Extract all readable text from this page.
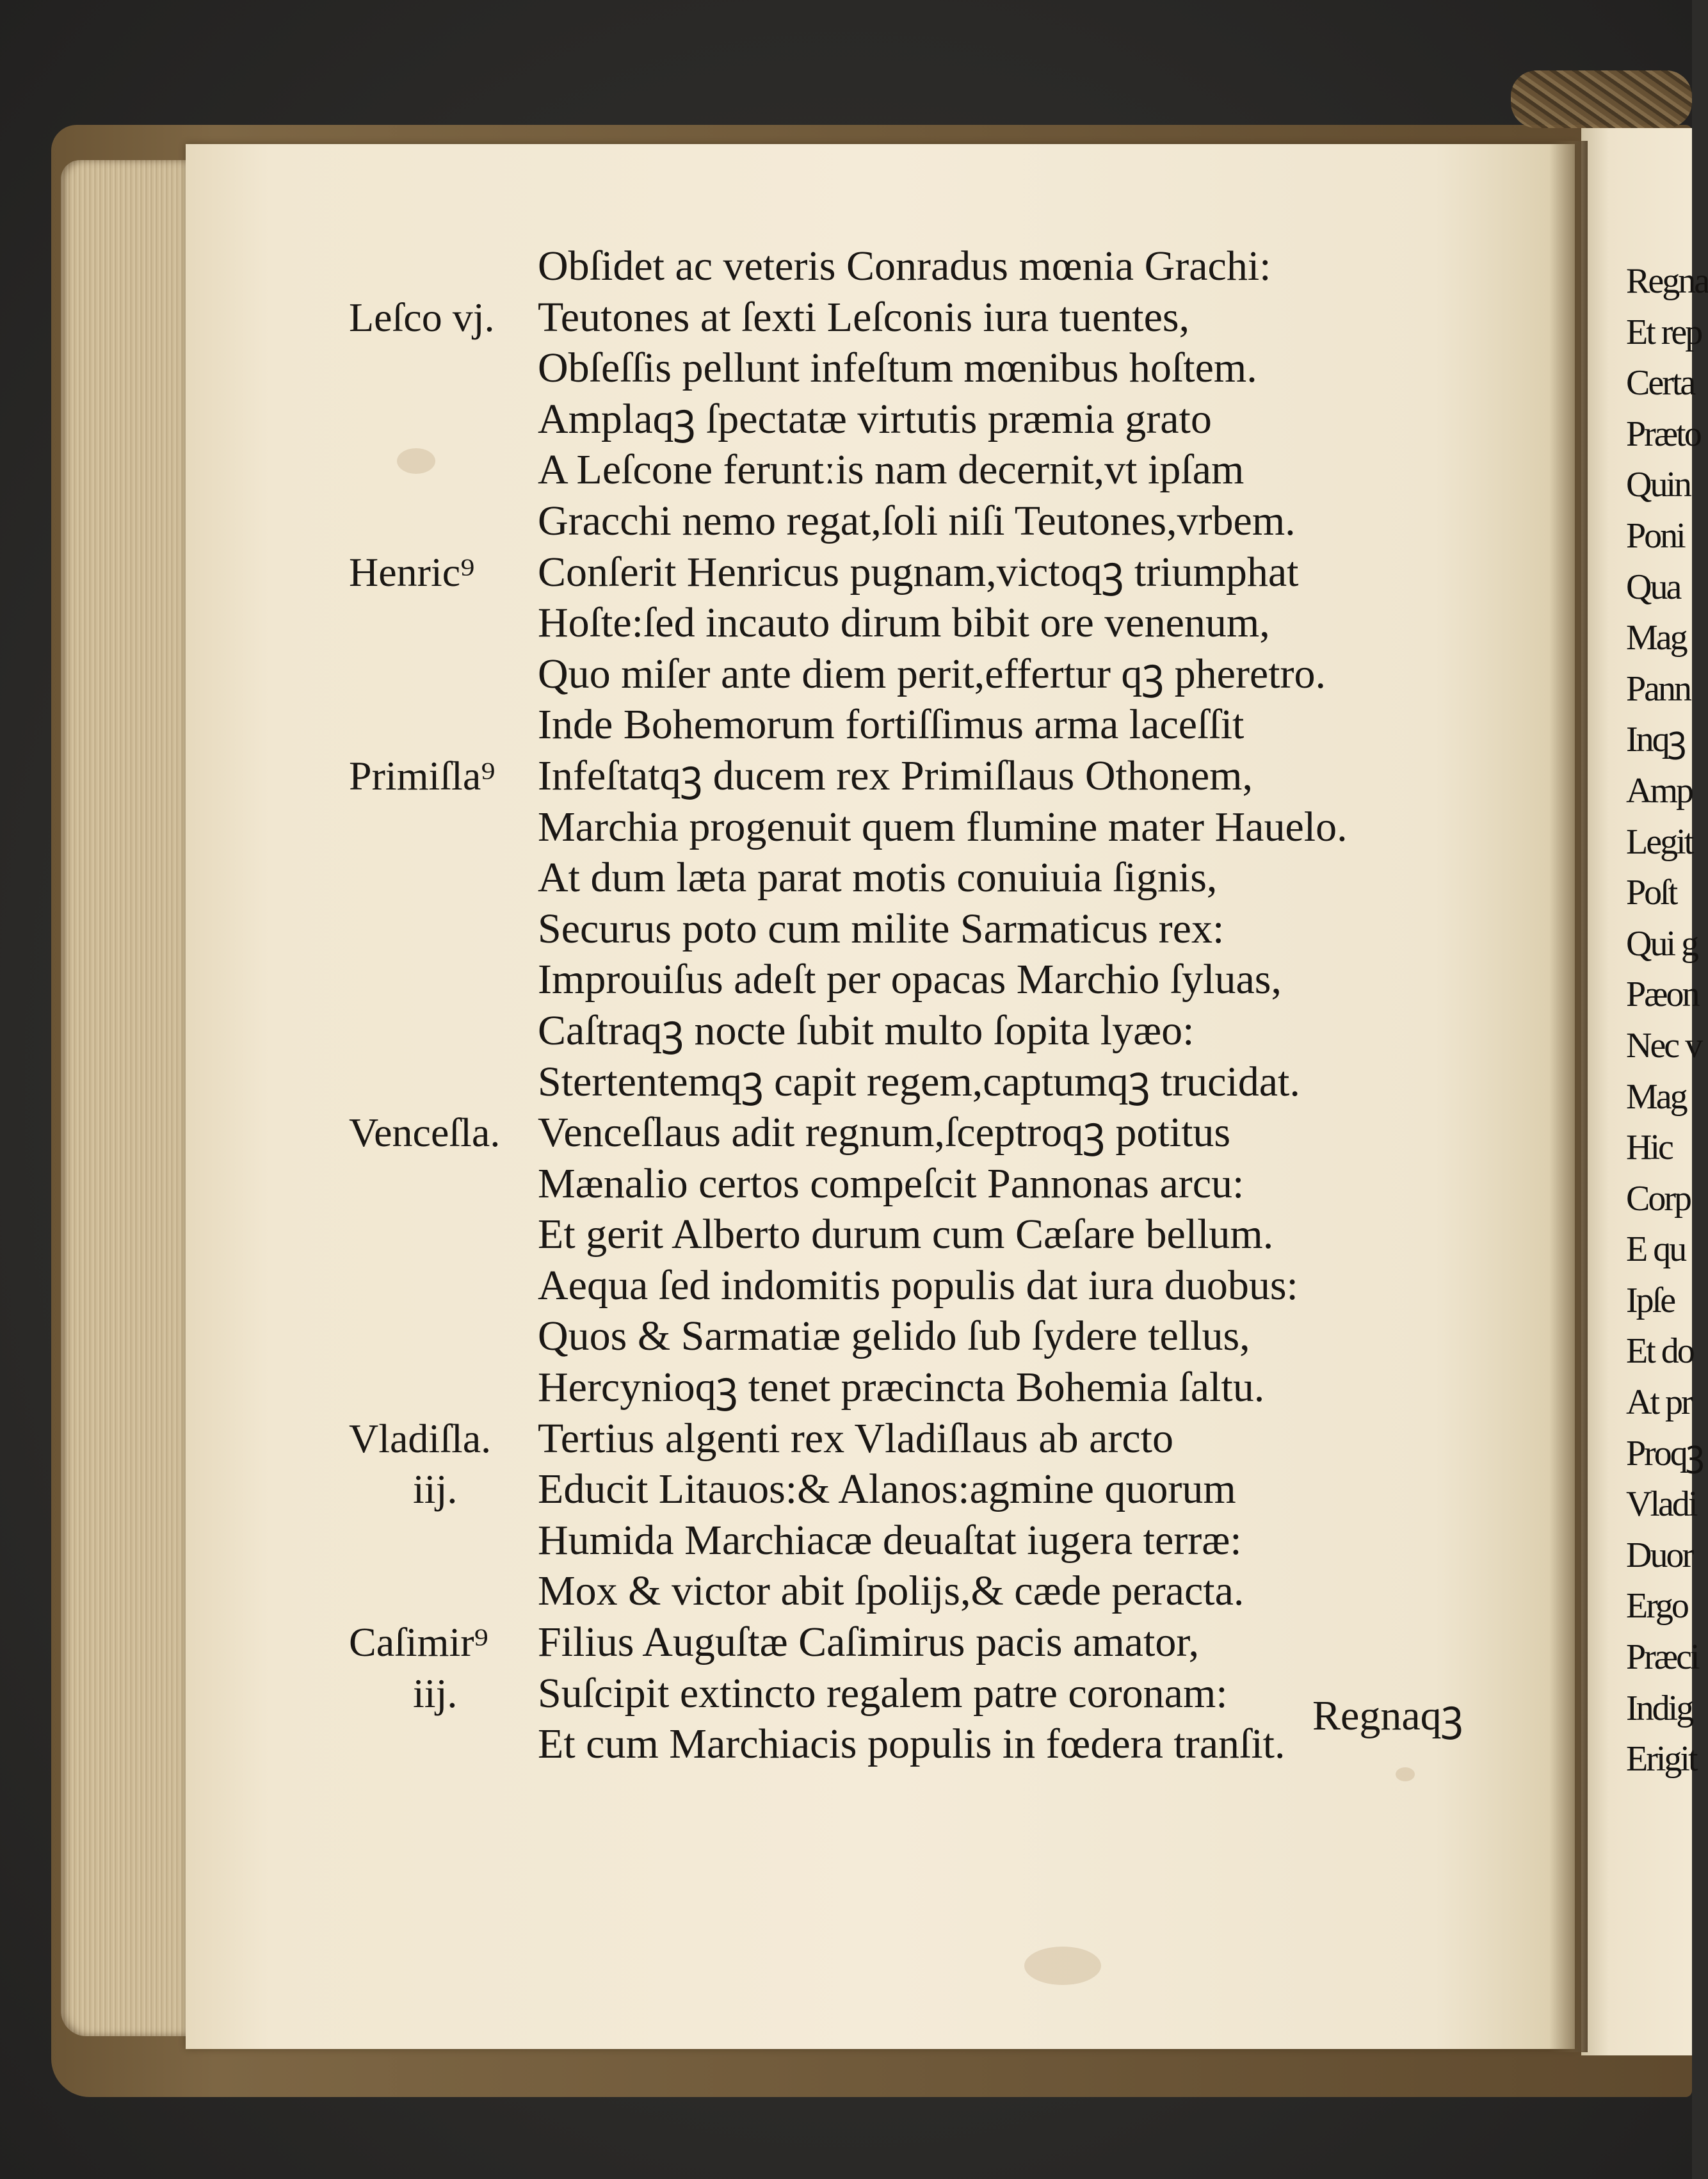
Regna
Et rep
Certa
Præto
Quin
Poni
Qua
Mag
Pann
Inqꝫ
Amp
Legit
Poſt
Qui g
Pæon
Nec v
Mag
Hic
Corp
E qu
Ipſe
Et do
At pr
Proqꝫ
Vladi
Duor
Ergo
Præci
Indig
Erigit
Leſco vj.
Henric⁹
Primiſla⁹
Venceſla.
Vladiſla.
iij.
Caſimir⁹
iij.
Obſidet ac veteris Conradus mœnia Grachi:
Teutones at ſexti Leſconis iura tuentes,
Obſeſſis pellunt infeſtum mœnibus hoſtem.
Amplaqꝫ ſpectatæ virtutis præmia grato
A Leſcone feruntːis nam decernit,vt ipſam
Gracchi nemo regat,ſoli niſi Teutones,vrbem.
Conſerit Henricus pugnam,victoqꝫ triumphat
Hoſte:ſed incauto dirum bibit ore venenum,
Quo miſer ante diem perit,effertur qꝫ pheretro.
Inde Bohemorum fortiſſimus arma laceſſit
Infeſtatqꝫ ducem rex Primiſlaus Othonem,
Marchia progenuit quem flumine mater Hauelo.
At dum læta parat motis conuiuia ſignis,
Securus poto cum milite Sarmaticus rex:
Improuiſus adeſt per opacas Marchio ſyluas,
Caſtraqꝫ nocte ſubit multo ſopita lyæo:
Stertentemqꝫ capit regem,captumqꝫ trucidat.
Venceſlaus adit regnum,ſceptroqꝫ potitus
Mænalio certos compeſcit Pannonas arcu:
Et gerit Alberto durum cum Cæſare bellum.
Aequa ſed indomitis populis dat iura duobus:
Quos & Sarmatiæ gelido ſub ſydere tellus,
Hercynioqꝫ tenet præcincta Bohemia ſaltu.
Tertius algenti rex Vladiſlaus ab arcto
Educit Litauos:& Alanos:agmine quorum
Humida Marchiacæ deuaſtat iugera terræ:
Mox & victor abit ſpolijs,& cæde peracta.
Filius Auguſtæ Caſimirus pacis amator,
Suſcipit extincto regalem patre coronam:
Et cum Marchiacis populis in fœdera tranſit.
Regnaqꝫ
